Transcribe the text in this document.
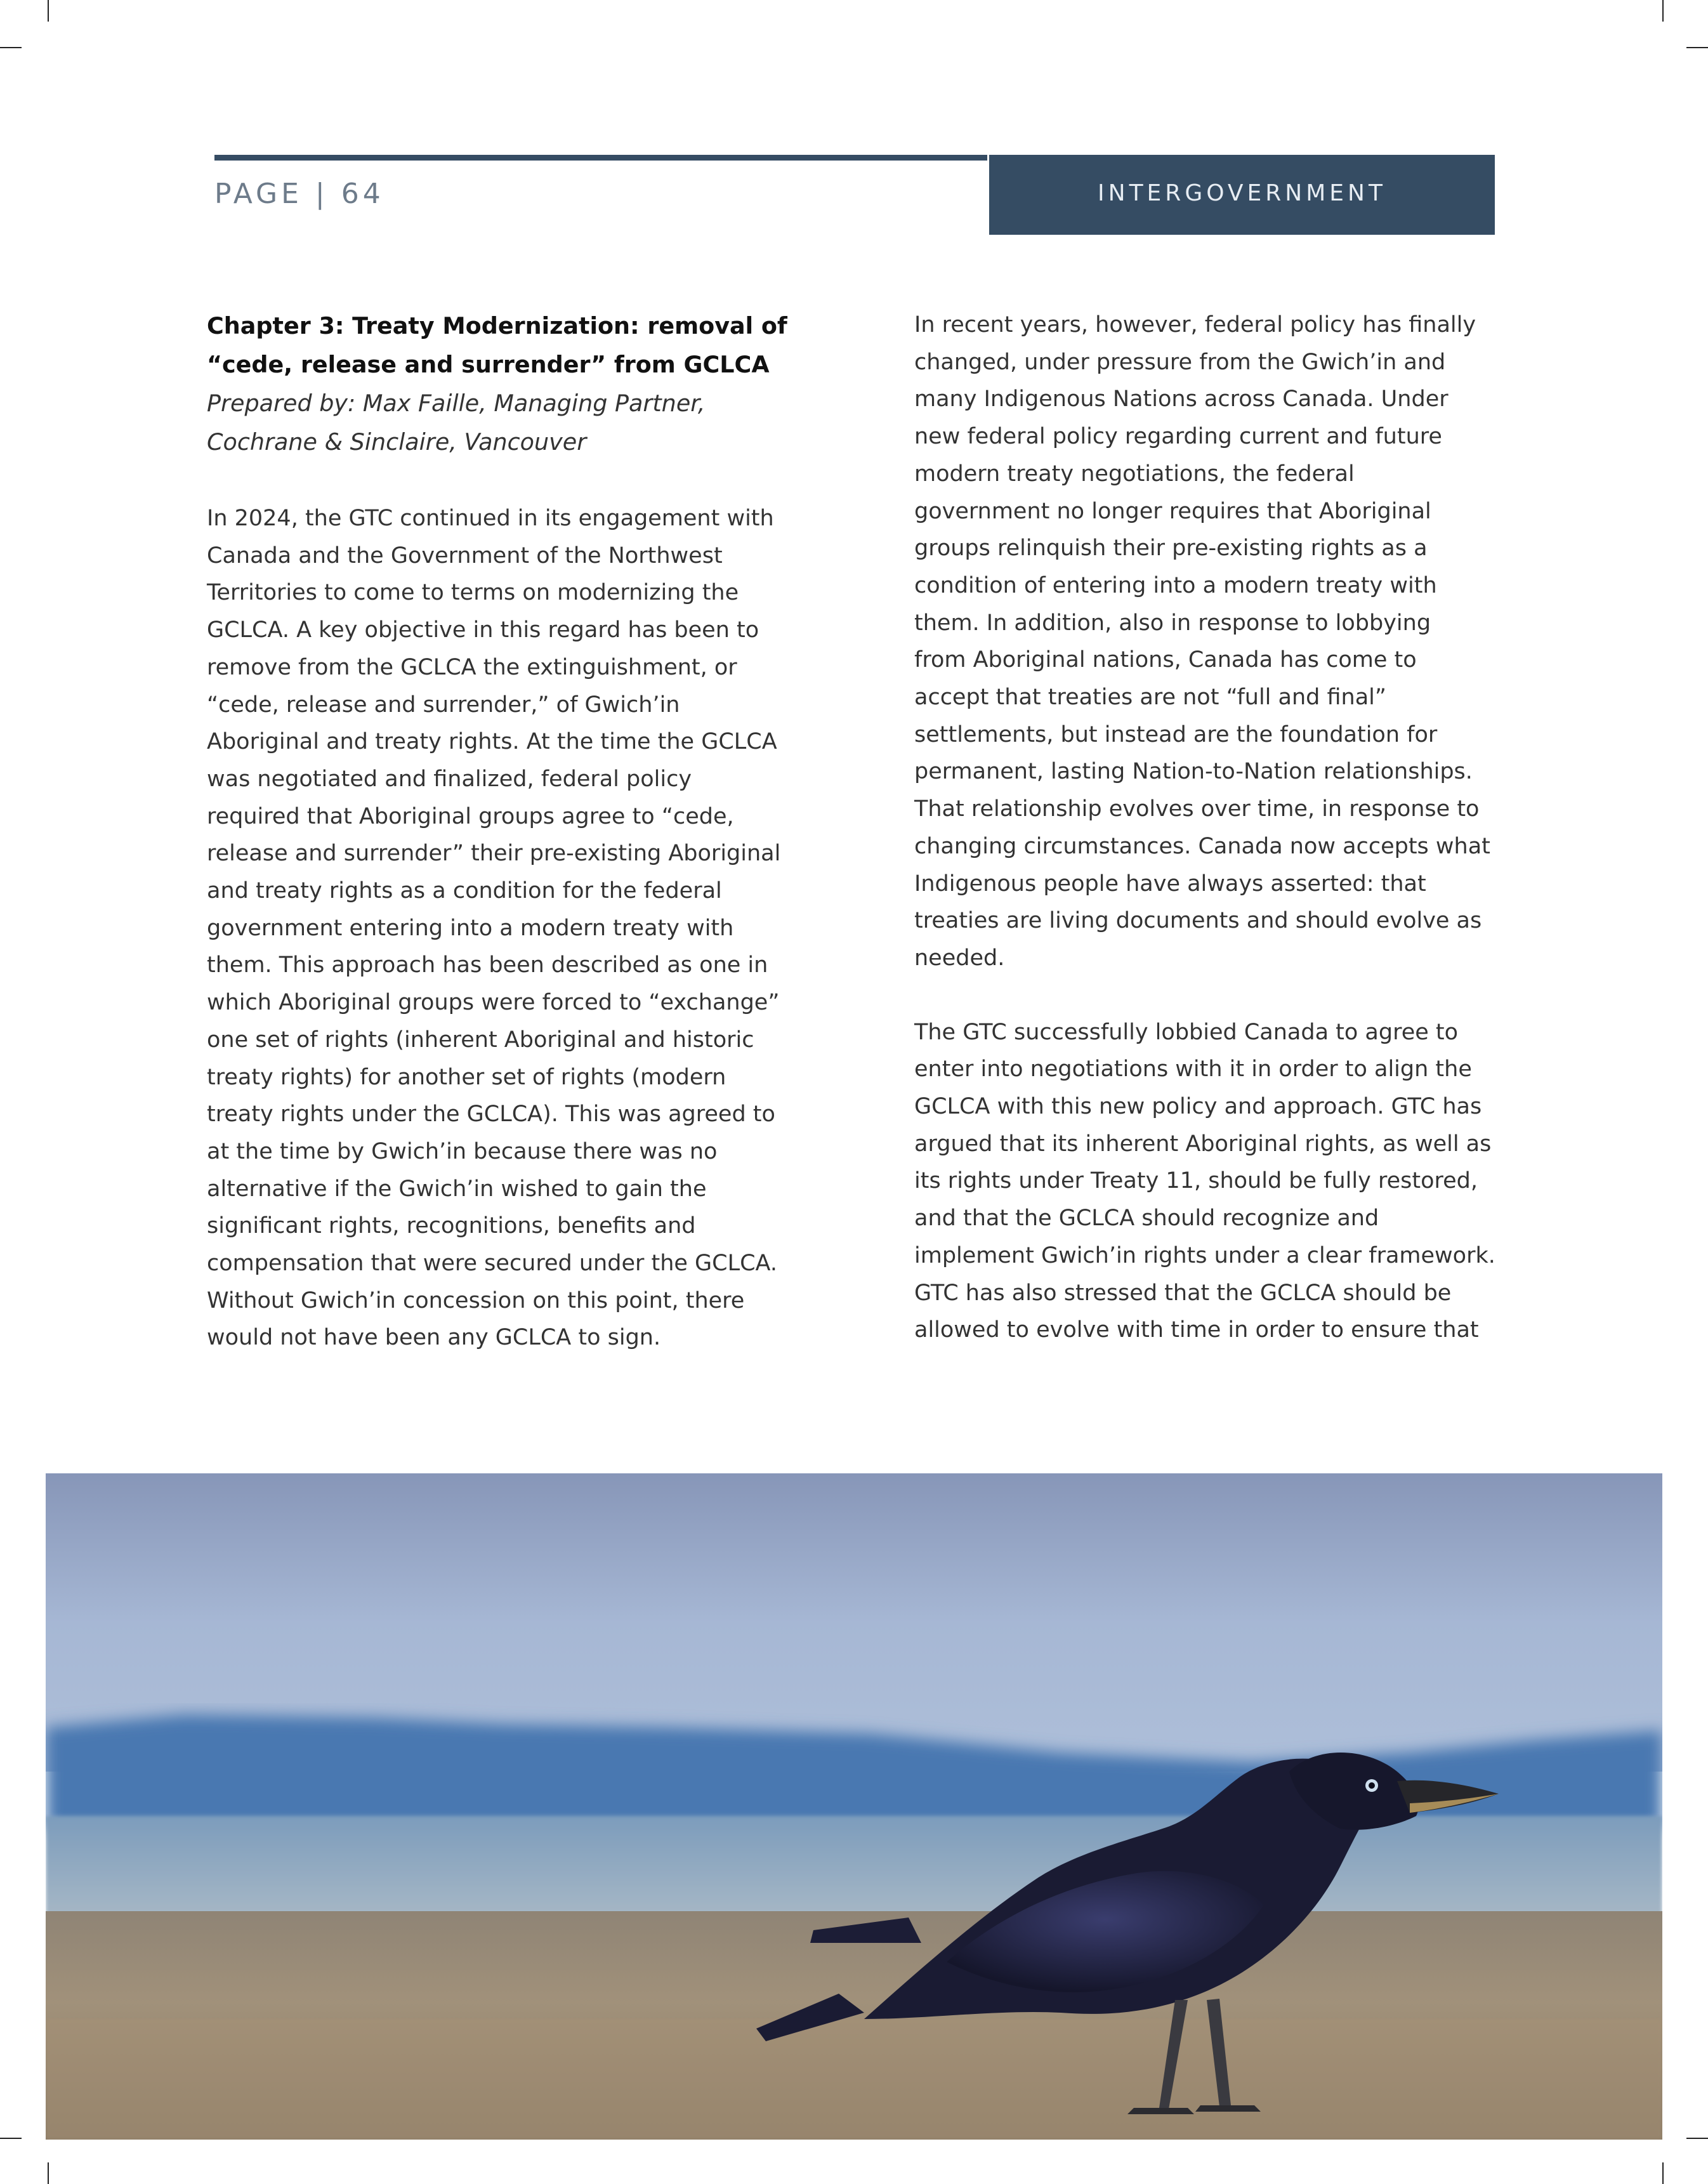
PAGE | 64	INTERGOVERNMENT

Chapter 3: Treaty Modernization: removal of

“cede, release and surrender” from GCLCA

Prepared by: Max Faille, Managing Partner,

Cochrane & Sinclaire, Vancouver

In 2024, the GTC continued in its engagement with

Canada and the Government of the Northwest

Territories to come to terms on modernizing the

GCLCA. A key objective in this regard has been to

remove from the GCLCA the extinguishment, or

“cede, release and surrender,” of Gwich’in

Aboriginal and treaty rights. At the time the GCLCA

was negotiated and finalized, federal policy

required that Aboriginal groups agree to “cede,

release and surrender” their pre-existing Aboriginal

and treaty rights as a condition for the federal

government entering into a modern treaty with

them. This approach has been described as one in

which Aboriginal groups were forced to “exchange”

one set of rights (inherent Aboriginal and historic

treaty rights) for another set of rights (modern

treaty rights under the GCLCA). This was agreed to

at the time by Gwich’in because there was no

alternative if the Gwich’in wished to gain the

significant rights, recognitions, benefits and

compensation that were secured under the GCLCA.

Without Gwich’in concession on this point, there

would not have been any GCLCA to sign.

In recent years, however, federal policy has finally

changed, under pressure from the Gwich’in and

many Indigenous Nations across Canada. Under

new federal policy regarding current and future

modern treaty negotiations, the federal

government no longer requires that Aboriginal

groups relinquish their pre-existing rights as a

condition of entering into a modern treaty with

them. In addition, also in response to lobbying

from Aboriginal nations, Canada has come to

accept that treaties are not “full and final”

settlements, but instead are the foundation for

permanent, lasting Nation-to-Nation relationships.

That relationship evolves over time, in response to

changing circumstances. Canada now accepts what

Indigenous people have always asserted: that

treaties are living documents and should evolve as

needed.

The GTC successfully lobbied Canada to agree to

enter into negotiations with it in order to align the

GCLCA with this new policy and approach. GTC has

argued that its inherent Aboriginal rights, as well as

its rights under Treaty 11, should be fully restored,

and that the GCLCA should recognize and

implement Gwich’in rights under a clear framework.

GTC has also stressed that the GCLCA should be

allowed to evolve with time in order to ensure that
